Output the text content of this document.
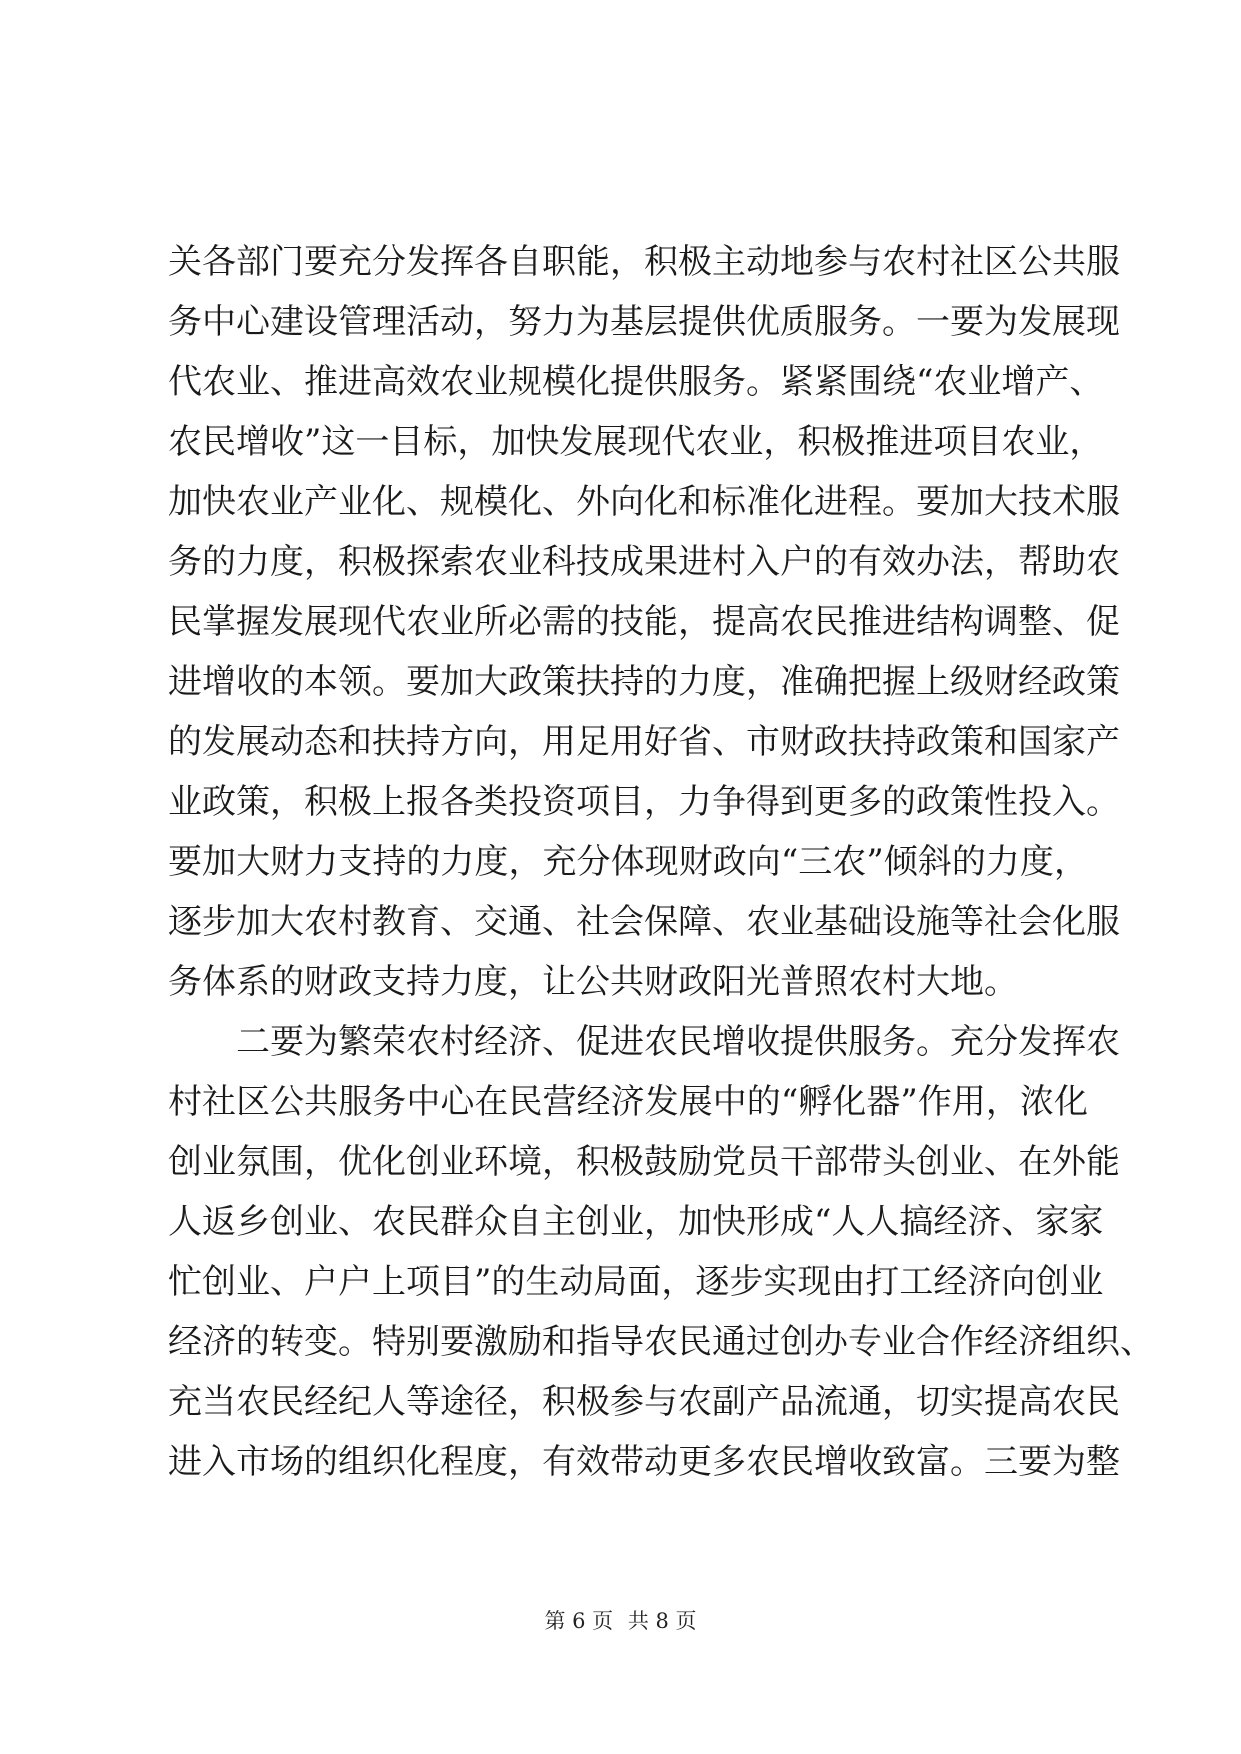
关各部门要充分发挥各自职能，积极主动地参与农村社区公共服
务中心建设管理活动，努力为基层提供优质服务。一要为发展现
代农业、推进高效农业规模化提供服务。紧紧围绕“农业增产、
农民增收”这一目标，加快发展现代农业，积极推进项目农业，
加快农业产业化、规模化、外向化和标准化进程。要加大技术服
务的力度，积极探索农业科技成果进村入户的有效办法，帮助农
民掌握发展现代农业所必需的技能，提高农民推进结构调整、促
进增收的本领。要加大政策扶持的力度，准确把握上级财经政策
的发展动态和扶持方向，用足用好省、市财政扶持政策和国家产
业政策，积极上报各类投资项目，力争得到更多的政策性投入。
要加大财力支持的力度，充分体现财政向“三农”倾斜的力度，
逐步加大农村教育、交通、社会保障、农业基础设施等社会化服
务体系的财政支持力度，让公共财政阳光普照农村大地。
二要为繁荣农村经济、促进农民增收提供服务。充分发挥农
村社区公共服务中心在民营经济发展中的“孵化器”作用，浓化
创业氛围，优化创业环境，积极鼓励党员干部带头创业、在外能
人返乡创业、农民群众自主创业，加快形成“人人搞经济、家家
忙创业、户户上项目”的生动局面，逐步实现由打工经济向创业
经济的转变。特别要激励和指导农民通过创办专业合作经济组织、
充当农民经纪人等途径，积极参与农副产品流通，切实提高农民
进入市场的组织化程度，有效带动更多农民增收致富。三要为整
第 6 页 共 8 页
